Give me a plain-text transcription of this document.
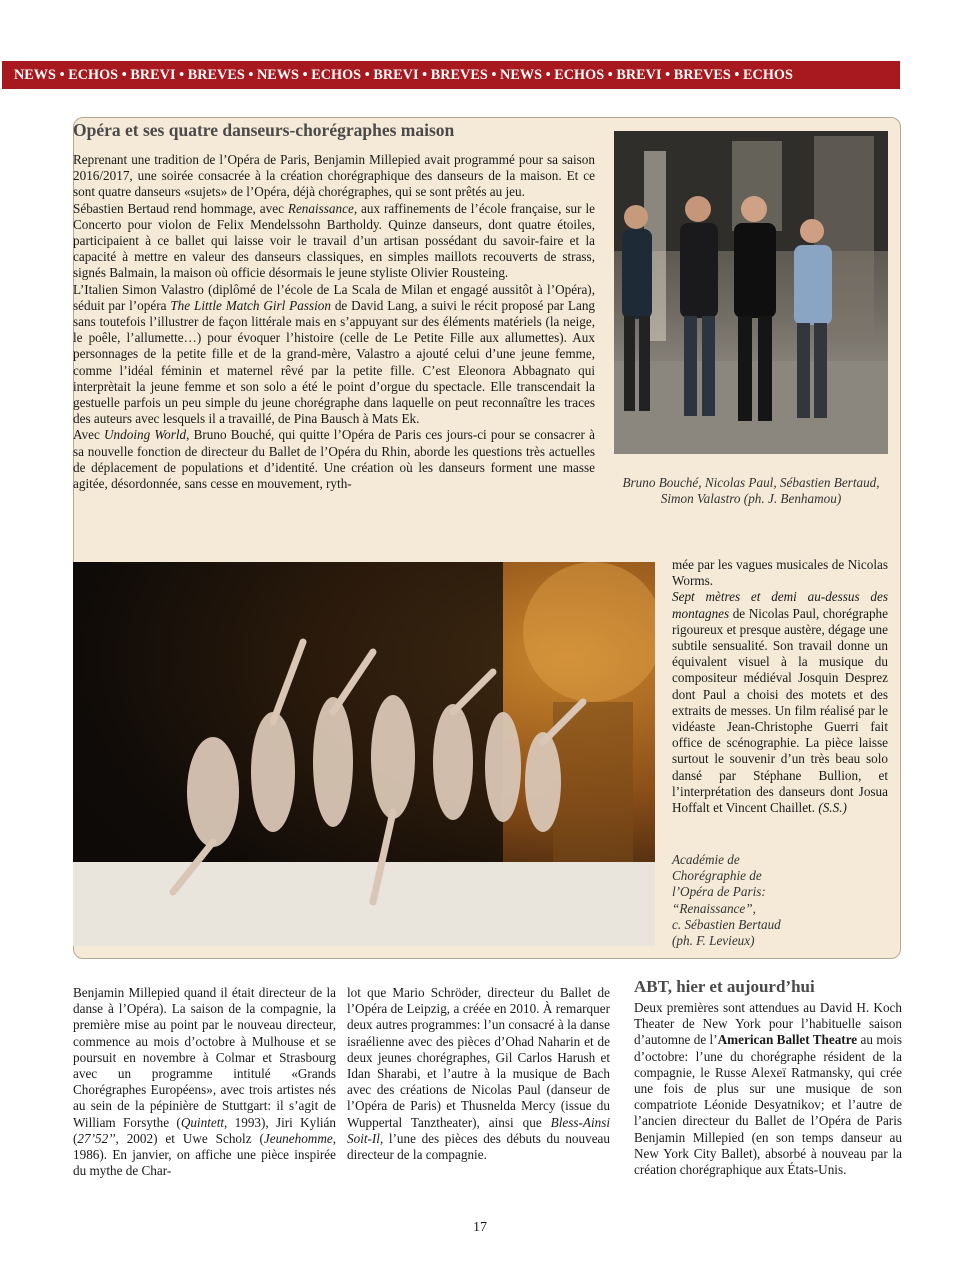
NEWS • ECHOS • BREVI • BREVES • NEWS • ECHOS • BREVI • BREVES • NEWS • ECHOS • BREVI • BREVES • ECHOS
Opéra et ses quatre danseurs-chorégraphes maison

Reprenant une tradition de l’Opéra de Paris, Benjamin Millepied avait programmé pour sa saison 2016/2017, une soirée consacrée à la création chorégraphique des danseurs de la maison. Et ce sont quatre danseurs «sujets» de l’Opéra, déjà chorégraphes, qui se sont prêtés au jeu.
Sébastien Bertaud rend hommage, avec Renaissance, aux raffinements de l’école française, sur le Concerto pour violon de Felix Mendelssohn Bartholdy. Quinze danseurs, dont quatre étoiles, participaient à ce ballet qui laisse voir le travail d’un artisan possédant du savoir-faire et la capacité à mettre en valeur des danseurs classiques, en simples maillots recouverts de strass, signés Balmain, la maison où officie désormais le jeune styliste Olivier Rousteing.
L’Italien Simon Valastro (diplômé de l’école de La Scala de Milan et engagé aussitôt à l’Opéra), séduit par l’opéra The Little Match Girl Passion de David Lang, a suivi le récit proposé par Lang sans toutefois l’illustrer de façon littérale mais en s’appuyant sur des éléments matériels (la neige, le poêle, l’allumette…) pour évoquer l’histoire (celle de Le Petite Fille aux allumettes). Aux personnages de la petite fille et de la grand-mère, Valastro a ajouté celui d’une jeune femme, comme l’idéal féminin et maternel rêvé par la petite fille. C’est Eleonora Abbagnato qui interprètait la jeune femme et son solo a été le point d’orgue du spectacle. Elle transcendait la gestuelle parfois un peu simple du jeune chorégraphe dans laquelle on peut reconnaître les traces des auteurs avec lesquels il a travaillé, de Pina Bausch à Mats Ek.
Avec Undoing World, Bruno Bouché, qui quitte l’Opéra de Paris ces jours-ci pour se consacrer à sa nouvelle fonction de directeur du Ballet de l’Opéra du Rhin, aborde les questions très actuelles de déplacement de populations et d’identité. Une création où les danseurs forment une masse agitée, désordonnée, sans cesse en mouvement, ryth-	Bruno Bouché, Nicolas Paul, Sébastien Bertaud, Simon Valastro (ph. J. Benhamou)

mée par les vagues musicales de Nicolas Worms.
Sept mètres et demi au-dessus des montagnes de Nicolas Paul, chorégraphe rigoureux et presque austère, dégage une subtile sensualité. Son travail donne un équivalent visuel à la musique du compositeur médiéval Josquin Desprez dont Paul a choisi des motets et des extraits de messes. Un film réalisé par le vidéaste Jean-Christophe Guerri fait office de scénographie. La pièce laisse surtout le souvenir d’un très beau solo dansé par Stéphane Bullion, et l’interprétation des danseurs dont Josua Hoffalt et Vincent Chaillet. (S.S.)

Académie de
Chorégraphie de
l’Opéra de Paris:
“Renaissance”,
c. Sébastien Bertaud
(ph. F. Levieux)

Benjamin Millepied quand il était directeur de la danse à l’Opéra). La saison de la compagnie, la première mise au point par le nouveau directeur, commence au mois d’octobre à Mulhouse et se poursuit en novembre à Colmar et Strasbourg avec un programme intitulé «Grands Chorégraphes Européens», avec trois artistes nés au sein de la pépinière de Stuttgart: il s’agit de William Forsythe (Quintett, 1993), Jiri Kylián (27’52’’, 2002) et Uwe Scholz (Jeunehomme, 1986). En janvier, on affiche une pièce inspirée du mythe de Char-

lot que Mario Schröder, directeur du Ballet de l’Opéra de Leipzig, a créée en 2010. À remarquer deux autres programmes: l’un consacré à la danse israélienne avec des pièces d’Ohad Naharin et de deux jeunes chorégraphes, Gil Carlos Harush et Idan Sharabi, et l’autre à la musique de Bach avec des créations de Nicolas Paul (danseur de l’Opéra de Paris) et Thusnelda Mercy (issue du Wuppertal Tanztheater), ainsi que Bless-Ainsi Soit-Il, l’une des pièces des débuts du nouveau directeur de la compagnie.

ABT, hier et aujourd’hui

Deux premières sont attendues au David H. Koch Theater de New York pour l’habituelle saison d’automne de l’American Ballet Theatre au mois d’octobre: l’une du chorégraphe résident de la compagnie, le Russe Alexeï Ratmansky, qui crée une fois de plus sur une musique de son compatriote Léonide Desyatnikov; et l’autre de l’ancien directeur du Ballet de l’Opéra de Paris Benjamin Millepied (en son temps danseur au New York City Ballet), absorbé à nouveau par la création chorégraphique aux États-Unis.

17
